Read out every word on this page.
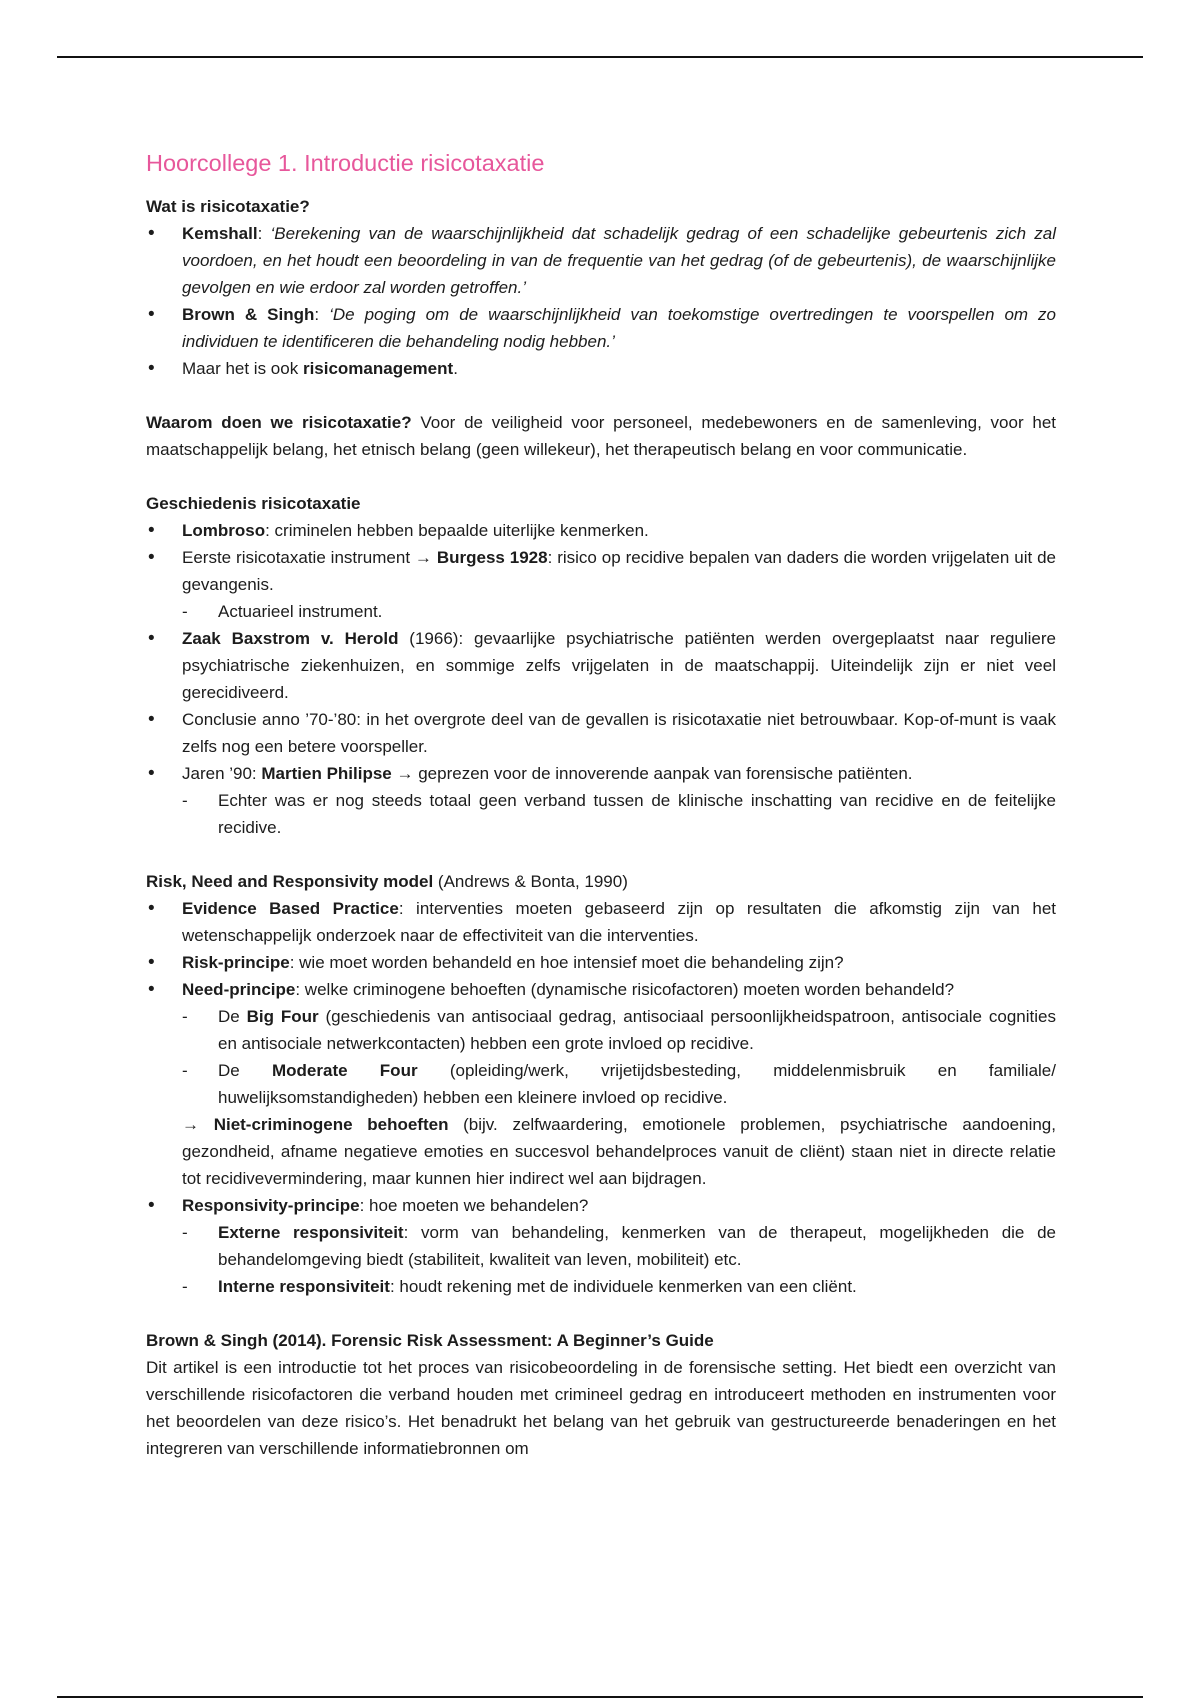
Hoorcollege 1. Introductie risicotaxatie

Wat is risicotaxatie?

• Kemshall: ‘Berekening van de waarschijnlijkheid dat schadelijk gedrag of een schadelijke gebeurtenis zich zal voordoen, en het houdt een beoordeling in van de frequentie van het gedrag (of de gebeurtenis), de waarschijnlijke gevolgen en wie erdoor zal worden getroffen.’
• Brown & Singh: ‘De poging om de waarschijnlijkheid van toekomstige overtredingen te voorspellen om zo individuen te identificeren die behandeling nodig hebben.’
• Maar het is ook risicomanagement.

Waarom doen we risicotaxatie? Voor de veiligheid voor personeel, medebewoners en de samenleving, voor het maatschappelijk belang, het etnisch belang (geen willekeur), het therapeutisch belang en voor communicatie.

Geschiedenis risicotaxatie

• Lombroso: criminelen hebben bepaalde uiterlijke kenmerken.
• Eerste risicotaxatie instrument → Burgess 1928: risico op recidive bepalen van daders die worden vrijgelaten uit de gevangenis.
- Actuarieel instrument.
• Zaak Baxstrom v. Herold (1966): gevaarlijke psychiatrische patiënten werden overgeplaatst naar reguliere psychiatrische ziekenhuizen, en sommige zelfs vrijgelaten in de maatschappij. Uiteindelijk zijn er niet veel gerecidiveerd.
• Conclusie anno ’70-’80: in het overgrote deel van de gevallen is risicotaxatie niet betrouwbaar. Kop-of-munt is vaak zelfs nog een betere voorspeller.
• Jaren ’90: Martien Philipse → geprezen voor de innoverende aanpak van forensische patiënten.
- Echter was er nog steeds totaal geen verband tussen de klinische inschatting van recidive en de feitelijke recidive.

Risk, Need and Responsivity model (Andrews & Bonta, 1990)

• Evidence Based Practice: interventies moeten gebaseerd zijn op resultaten die afkomstig zijn van het wetenschappelijk onderzoek naar de effectiviteit van die interventies.
• Risk-principe: wie moet worden behandeld en hoe intensief moet die behandeling zijn?
• Need-principe: welke criminogene behoeften (dynamische risicofactoren) moeten worden behandeld?
- De Big Four (geschiedenis van antisociaal gedrag, antisociaal persoonlijkheidspatroon, antisociale cognities en antisociale netwerkcontacten) hebben een grote invloed op recidive.
- De Moderate Four (opleiding/werk, vrijetijdsbesteding, middelenmisbruik en familiale/ huwelijksomstandigheden) hebben een kleinere invloed op recidive.

→ Niet-criminogene behoeften (bijv. zelfwaardering, emotionele problemen, psychiatrische aandoening, gezondheid, afname negatieve emoties en succesvol behandelproces vanuit de cliënt) staan niet in directe relatie tot recidivevermindering, maar kunnen hier indirect wel aan bijdragen.

• Responsivity-principe: hoe moeten we behandelen?
- Externe responsiviteit: vorm van behandeling, kenmerken van de therapeut, mogelijkheden die de behandelomgeving biedt (stabiliteit, kwaliteit van leven, mobiliteit) etc.
- Interne responsiviteit: houdt rekening met de individuele kenmerken van een cliënt.

Brown & Singh (2014). Forensic Risk Assessment: A Beginner’s Guide

Dit artikel is een introductie tot het proces van risicobeoordeling in de forensische setting. Het biedt een overzicht van verschillende risicofactoren die verband houden met crimineel gedrag en introduceert methoden en instrumenten voor het beoordelen van deze risico’s. Het benadrukt het belang van het gebruik van gestructureerde benaderingen en het integreren van verschillende informatiebronnen om
